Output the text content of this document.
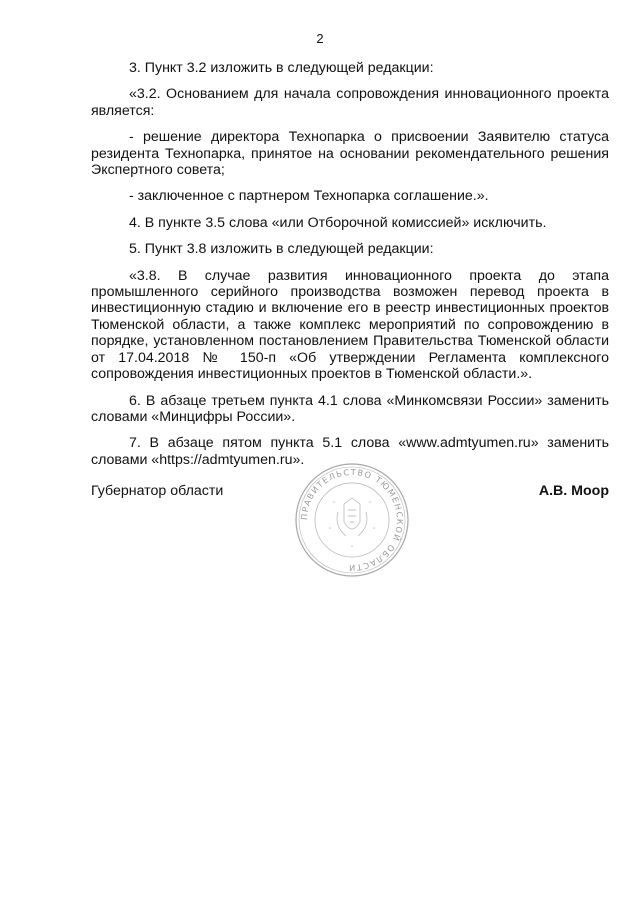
2

3. Пункт 3.2 изложить в следующей редакции:

«3.2. Основанием для начала сопровождения инновационного проекта является:

- решение директора Технопарка о присвоении Заявителю статуса резидента Технопарка, принятое на основании рекомендательного решения Экспертного совета;

- заключенное с партнером Технопарка соглашение.».

4. В пункте 3.5 слова «или Отборочной комиссией» исключить.

5. Пункт 3.8 изложить в следующей редакции:

«3.8. В случае развития инновационного проекта до этапа промышленного серийного производства возможен перевод проекта в инвестиционную стадию и включение его в реестр инвестиционных проектов Тюменской области, а также комплекс мероприятий по сопровождению в порядке, установленном постановлением Правительства Тюменской области от 17.04.2018 № 150-п «Об утверждении Регламента комплексного сопровождения инвестиционных проектов в Тюменской области.».

6. В абзаце третьем пункта 4.1 слова «Минкомсвязи России» заменить словами «Минцифры России».

7. В абзаце пятом пункта 5.1 слова «www.admtyumen.ru» заменить словами «https://admtyumen.ru».

Губернатор области	А.В. Моор
ПРАВИТЕЛЬСТВО ТЮМЕНСКОЙ ОБЛАСТИ
